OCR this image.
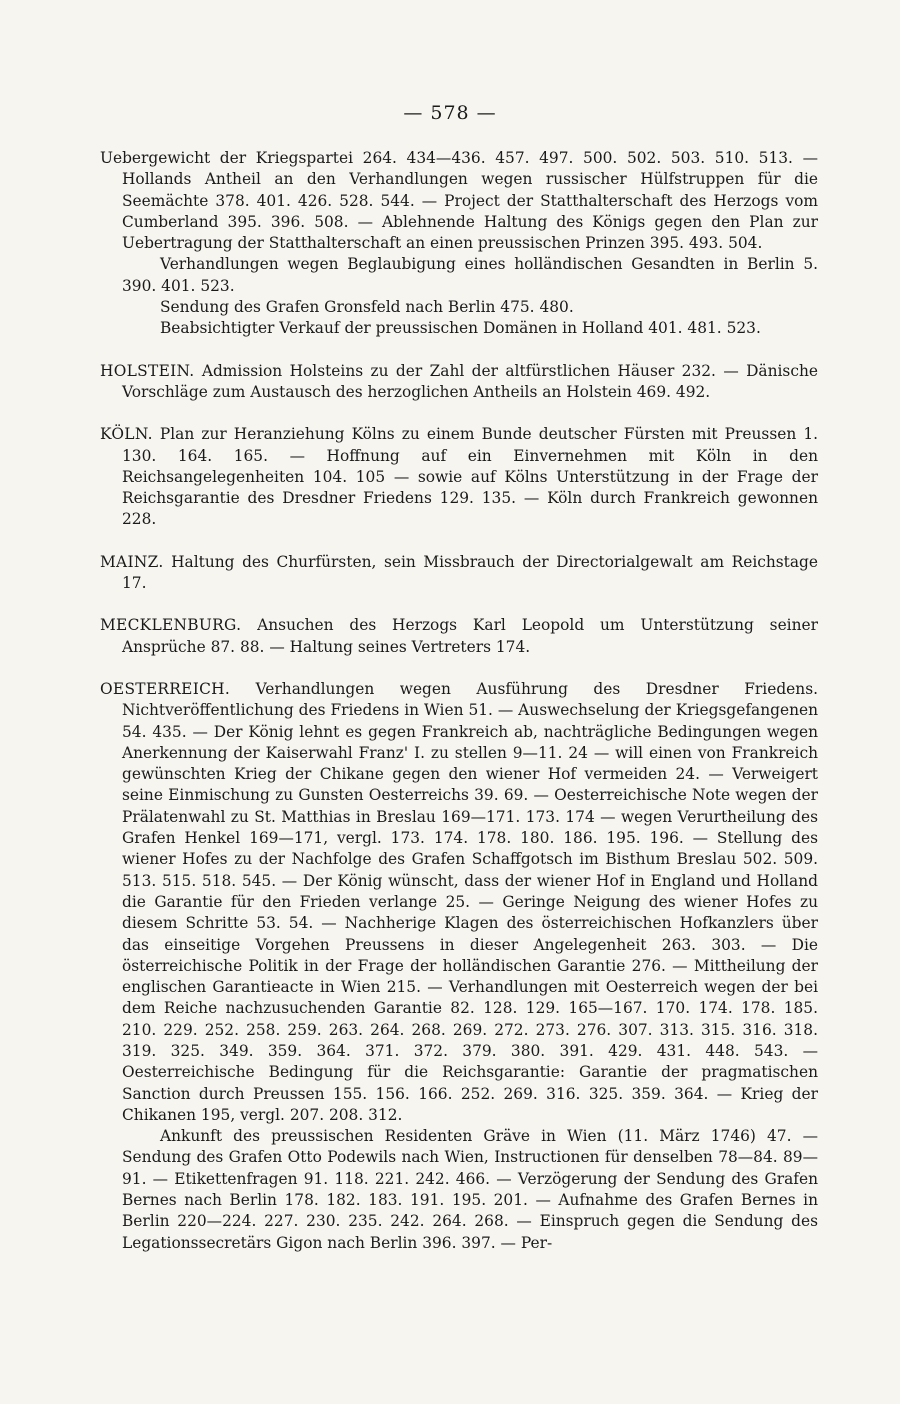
— 578 —

Uebergewicht der Kriegspartei 264. 434—436. 457. 497. 500. 502. 503. 510. 513. — Hollands Antheil an den Verhandlungen wegen russischer Hülfstruppen für die Seemächte 378. 401. 426. 528. 544. — Project der Statthalterschaft des Herzogs vom Cumberland 395. 396. 508. — Ablehnende Haltung des Königs gegen den Plan zur Uebertragung der Statthalterschaft an einen preussischen Prinzen 395. 493. 504.

Verhandlungen wegen Beglaubigung eines holländischen Gesandten in Berlin 5. 390. 401. 523.

Sendung des Grafen Gronsfeld nach Berlin 475. 480.

Beabsichtigter Verkauf der preussischen Domänen in Holland 401. 481. 523.

HOLSTEIN. Admission Holsteins zu der Zahl der altfürstlichen Häuser 232. — Dänische Vorschläge zum Austausch des herzoglichen Antheils an Holstein 469. 492.
KÖLN. Plan zur Heranziehung Kölns zu einem Bunde deutscher Fürsten mit Preussen 1. 130. 164. 165. — Hoffnung auf ein Einvernehmen mit Köln in den Reichsangelegenheiten 104. 105 — sowie auf Kölns Unterstützung in der Frage der Reichsgarantie des Dresdner Friedens 129. 135. — Köln durch Frankreich gewonnen 228.
MAINZ. Haltung des Churfürsten, sein Missbrauch der Directorialgewalt am Reichstage 17.
MECKLENBURG. Ansuchen des Herzogs Karl Leopold um Unterstützung seiner Ansprüche 87. 88. — Haltung seines Vertreters 174.
OESTERREICH. Verhandlungen wegen Ausführung des Dresdner Friedens. Nichtveröffentlichung des Friedens in Wien 51. — Auswechselung der Kriegsgefangenen 54. 435. — Der König lehnt es gegen Frankreich ab, nachträgliche Bedingungen wegen Anerkennung der Kaiserwahl Franz' I. zu stellen 9—11. 24 — will einen von Frankreich gewünschten Krieg der Chikane gegen den wiener Hof vermeiden 24. — Verweigert seine Einmischung zu Gunsten Oesterreichs 39. 69. — Oesterreichische Note wegen der Prälatenwahl zu St. Matthias in Breslau 169—171. 173. 174 — wegen Verurtheilung des Grafen Henkel 169—171, vergl. 173. 174. 178. 180. 186. 195. 196. — Stellung des wiener Hofes zu der Nachfolge des Grafen Schaffgotsch im Bisthum Breslau 502. 509. 513. 515. 518. 545. — Der König wünscht, dass der wiener Hof in England und Holland die Garantie für den Frieden verlange 25. — Geringe Neigung des wiener Hofes zu diesem Schritte 53. 54. — Nachherige Klagen des österreichischen Hofkanzlers über das einseitige Vorgehen Preussens in dieser Angelegenheit 263. 303. — Die österreichische Politik in der Frage der holländischen Garantie 276. — Mittheilung der englischen Garantieacte in Wien 215. — Verhandlungen mit Oesterreich wegen der bei dem Reiche nachzusuchenden Garantie 82. 128. 129. 165—167. 170. 174. 178. 185. 210. 229. 252. 258. 259. 263. 264. 268. 269. 272. 273. 276. 307. 313. 315. 316. 318. 319. 325. 349. 359. 364. 371. 372. 379. 380. 391. 429. 431. 448. 543. — Oesterreichische Bedingung für die Reichsgarantie: Garantie der pragmatischen Sanction durch Preussen 155. 156. 166. 252. 269. 316. 325. 359. 364. — Krieg der Chikanen 195, vergl. 207. 208. 312.

Ankunft des preussischen Residenten Gräve in Wien (11. März 1746) 47. — Sendung des Grafen Otto Podewils nach Wien, Instructionen für denselben 78—84. 89—91. — Etikettenfragen 91. 118. 221. 242. 466. — Verzögerung der Sendung des Grafen Bernes nach Berlin 178. 182. 183. 191. 195. 201. — Aufnahme des Grafen Bernes in Berlin 220—224. 227. 230. 235. 242. 264. 268. — Einspruch gegen die Sendung des Legationssecretärs Gigon nach Berlin 396. 397. — Per-
